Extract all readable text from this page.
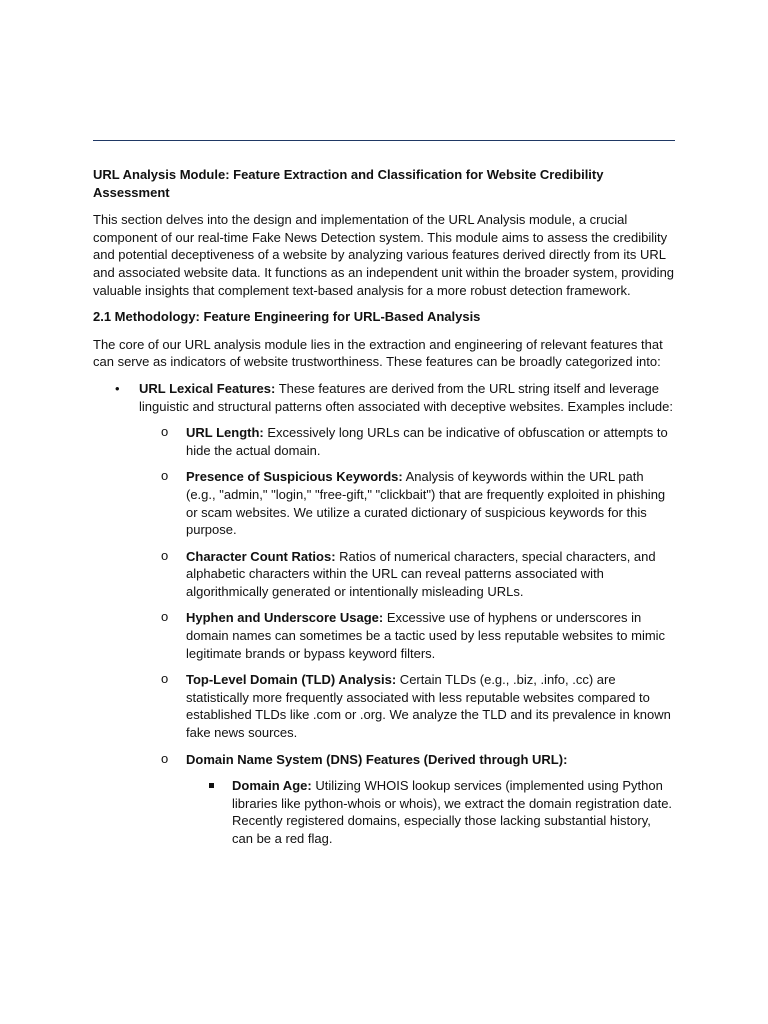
URL Analysis Module: Feature Extraction and Classification for Website Credibility Assessment

This section delves into the design and implementation of the URL Analysis module, a crucial component of our real-time Fake News Detection system. This module aims to assess the credibility and potential deceptiveness of a website by analyzing various features derived directly from its URL and associated website data. It functions as an independent unit within the broader system, providing valuable insights that complement text-based analysis for a more robust detection framework.

2.1 Methodology: Feature Engineering for URL-Based Analysis

The core of our URL analysis module lies in the extraction and engineering of relevant features that can serve as indicators of website trustworthiness. These features can be broadly categorized into:

• URL Lexical Features: These features are derived from the URL string itself and leverage linguistic and structural patterns often associated with deceptive websites. Examples include:
o URL Length: Excessively long URLs can be indicative of obfuscation or attempts to hide the actual domain.
o Presence of Suspicious Keywords: Analysis of keywords within the URL path (e.g., "admin," "login," "free-gift," "clickbait") that are frequently exploited in phishing or scam websites. We utilize a curated dictionary of suspicious keywords for this purpose.
o Character Count Ratios: Ratios of numerical characters, special characters, and alphabetic characters within the URL can reveal patterns associated with algorithmically generated or intentionally misleading URLs.
o Hyphen and Underscore Usage: Excessive use of hyphens or underscores in domain names can sometimes be a tactic used by less reputable websites to mimic legitimate brands or bypass keyword filters.
o Top-Level Domain (TLD) Analysis: Certain TLDs (e.g., .biz, .info, .cc) are statistically more frequently associated with less reputable websites compared to established TLDs like .com or .org. We analyze the TLD and its prevalence in known fake news sources.
o Domain Name System (DNS) Features (Derived through URL):
Domain Age: Utilizing WHOIS lookup services (implemented using Python libraries like python-whois or whois), we extract the domain registration date. Recently registered domains, especially those lacking substantial history, can be a red flag.
